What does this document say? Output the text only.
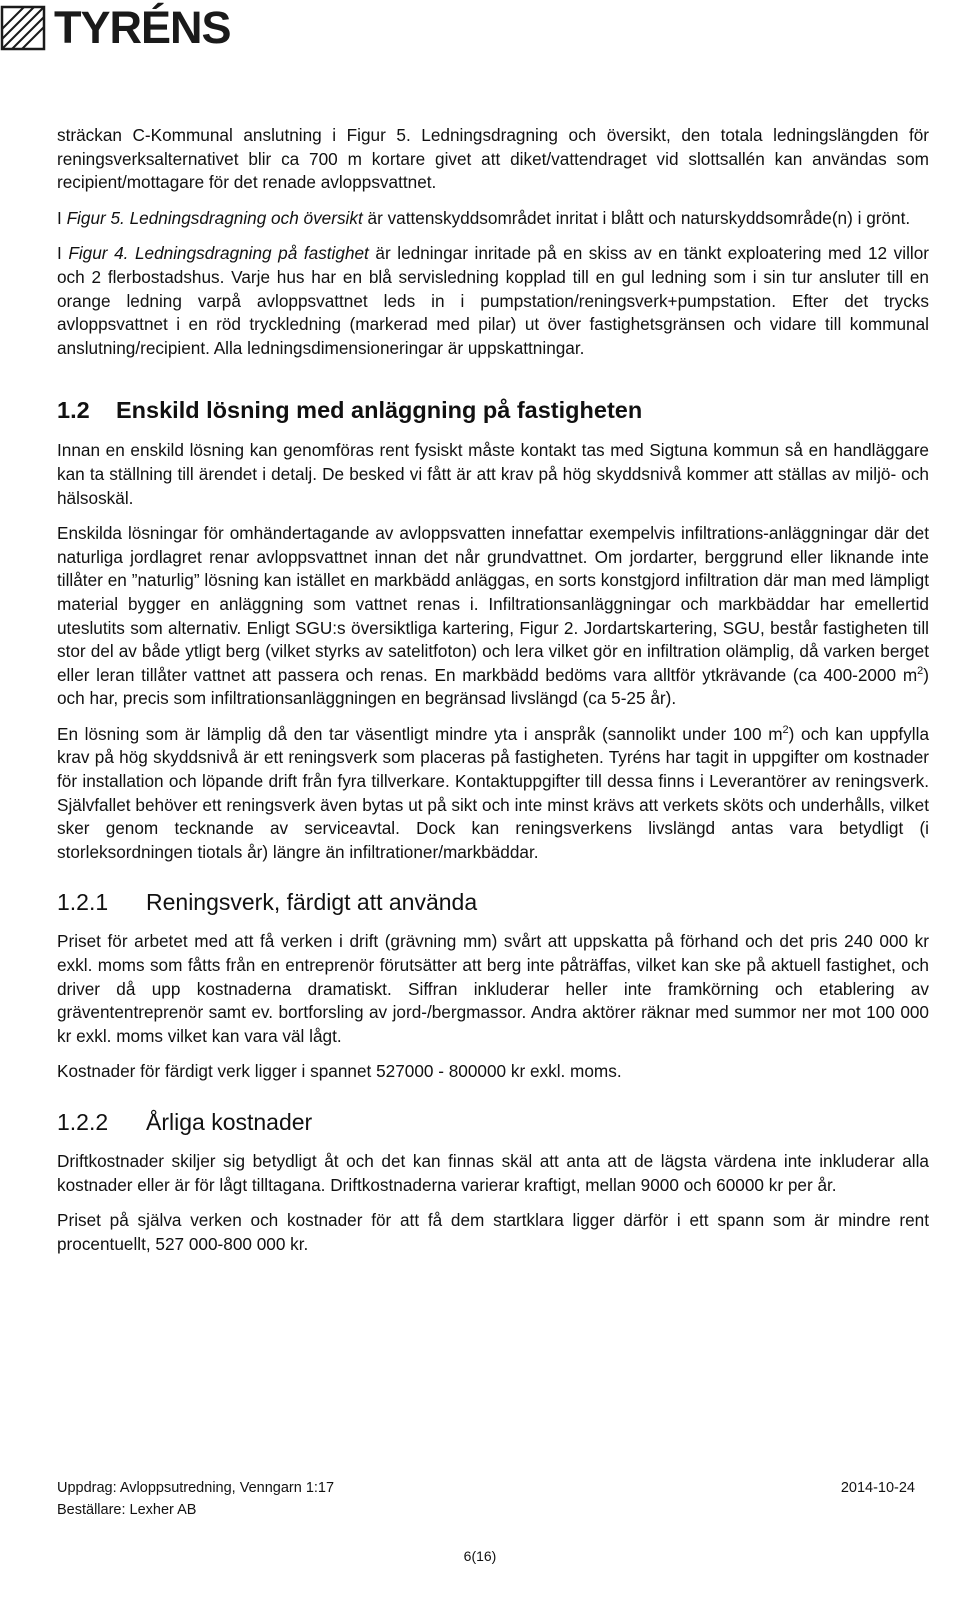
TYRÉNS

sträckan C-Kommunal anslutning i Figur 5. Ledningsdragning och översikt, den totala ledningslängden för reningsverksalternativet blir ca 700 m kortare givet att diket/vattendraget vid slottsallén kan användas som recipient/mottagare för det renade avloppsvattnet.

I Figur 5. Ledningsdragning och översikt är vattenskyddsområdet inritat i blått och naturskyddsområde(n) i grönt.

I Figur 4. Ledningsdragning på fastighet är ledningar inritade på en skiss av en tänkt exploatering med 12 villor och 2 flerbostadshus. Varje hus har en blå servisledning kopplad till en gul ledning som i sin tur ansluter till en orange ledning varpå avloppsvattnet leds in i pumpstation/reningsverk+pumpstation. Efter det trycks avloppsvattnet i en röd tryckledning (markerad med pilar) ut över fastighetsgränsen och vidare till kommunal anslutning/recipient. Alla ledningsdimensioneringar är uppskattningar.

1.2	Enskild lösning med anläggning på fastigheten

Innan en enskild lösning kan genomföras rent fysiskt måste kontakt tas med Sigtuna kommun så en handläggare kan ta ställning till ärendet i detalj. De besked vi fått är att krav på hög skyddsnivå kommer att ställas av miljö- och hälsoskäl.

Enskilda lösningar för omhändertagande av avloppsvatten innefattar exempelvis infiltrations-anläggningar där det naturliga jordlagret renar avloppsvattnet innan det når grundvattnet. Om jordarter, berggrund eller liknande inte tillåter en ”naturlig” lösning kan istället en markbädd anläggas, en sorts konstgjord infiltration där man med lämpligt material bygger en anläggning som vattnet renas i. Infiltrationsanläggningar och markbäddar har emellertid uteslutits som alternativ. Enligt SGU:s översiktliga kartering, Figur 2. Jordartskartering, SGU, består fastigheten till stor del av både ytligt berg (vilket styrks av satelitfoton) och lera vilket gör en infiltration olämplig, då varken berget eller leran tillåter vattnet att passera och renas. En markbädd bedöms vara alltför ytkrävande (ca 400-2000 $m^2$) och har, precis som infiltrationsanläggningen en begränsad livslängd (ca 5-25 år).

En lösning som är lämplig då den tar väsentligt mindre yta i anspråk (sannolikt under 100 $m^2$) och kan uppfylla krav på hög skyddsnivå är ett reningsverk som placeras på fastigheten. Tyréns har tagit in uppgifter om kostnader för installation och löpande drift från fyra tillverkare. Kontaktuppgifter till dessa finns i Leverantörer av reningsverk. Självfallet behöver ett reningsverk även bytas ut på sikt och inte minst krävs att verkets sköts och underhålls, vilket sker genom tecknande av serviceavtal. Dock kan reningsverkens livslängd antas vara betydligt (i storleksordningen tiotals år) längre än infiltrationer/markbäddar.

1.2.1	Reningsverk, färdigt att använda

Priset för arbetet med att få verken i drift (grävning mm) svårt att uppskatta på förhand och det pris 240 000 kr exkl. moms som fåtts från en entreprenör förutsätter att berg inte påträffas, vilket kan ske på aktuell fastighet, och driver då upp kostnaderna dramatiskt. Siffran inkluderar heller inte framkörning och etablering av grävententreprenör samt ev. bortforsling av jord-/bergmassor. Andra aktörer räknar med summor ner mot 100 000 kr exkl. moms vilket kan vara väl lågt.

Kostnader för färdigt verk ligger i spannet 527000 - 800000 kr exkl. moms.

1.2.2	Årliga kostnader

Driftkostnader skiljer sig betydligt åt och det kan finnas skäl att anta att de lägsta värdena inte inkluderar alla kostnader eller är för lågt tilltagana. Driftkostnaderna varierar kraftigt, mellan 9000 och 60000 kr per år.

Priset på själva verken och kostnader för att få dem startklara ligger därför i ett spann som är mindre rent procentuellt, 527 000-800 000 kr.

Uppdrag: Avloppsutredning, Venngarn 1:17	2014-10-24
Beställare: Lexher AB
6(16)
